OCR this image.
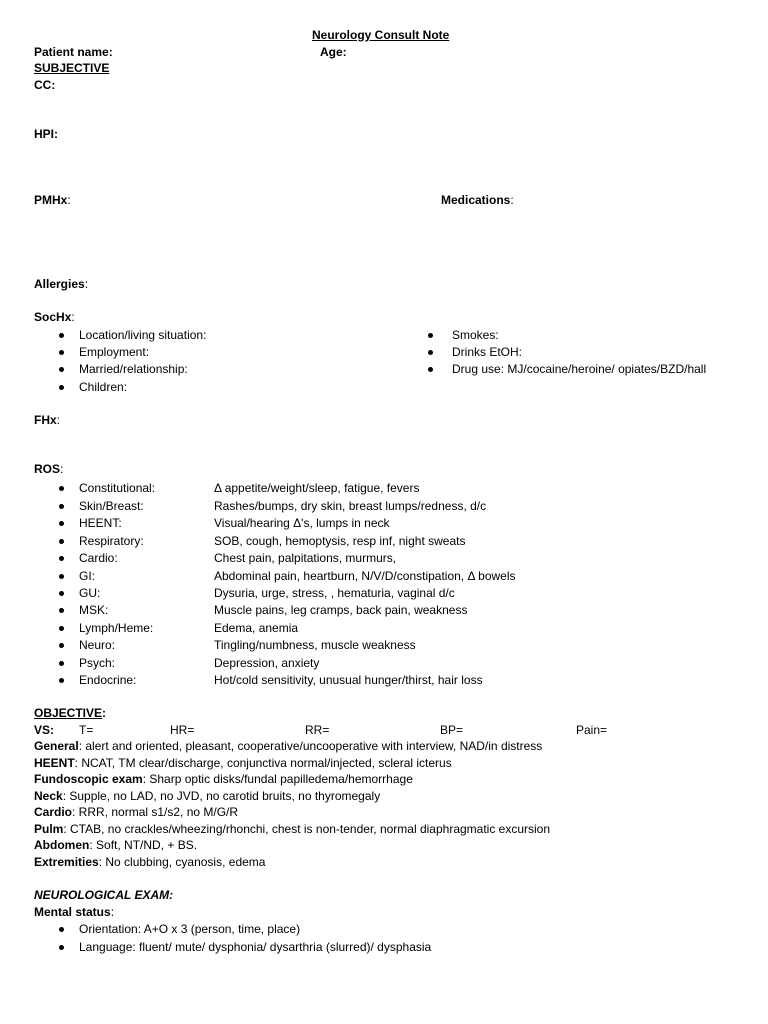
Neurology Consult Note
Patient name:	Age:
SUBJECTIVE
CC:
HPI:
PMHx:	Medications:
Allergies:
SocHx:
Location/living situation:
Employment:
Married/relationship:
Children:
Smokes:
Drinks EtOH:
Drug use: MJ/cocaine/heroine/ opiates/BZD/hall
FHx:
ROS:
Constitutional:	Δ appetite/weight/sleep, fatigue, fevers
Skin/Breast:	Rashes/bumps, dry skin, breast lumps/redness, d/c
HEENT:	Visual/hearing Δ's, lumps in neck
Respiratory:	SOB, cough, hemoptysis, resp inf, night sweats
Cardio:	Chest pain, palpitations, murmurs,
GI:	Abdominal pain, heartburn, N/V/D/constipation, Δ bowels
GU:	Dysuria, urge, stress, , hematuria, vaginal d/c
MSK:	Muscle pains, leg cramps, back pain, weakness
Lymph/Heme:	Edema, anemia
Neuro:	Tingling/numbness, muscle weakness
Psych:	Depression, anxiety
Endocrine:	Hot/cold sensitivity, unusual hunger/thirst, hair loss
OBJECTIVE:
VS: T=	HR=	RR=	BP=	Pain=
General: alert and oriented, pleasant, cooperative/uncooperative with interview, NAD/in distress
HEENT: NCAT, TM clear/discharge, conjunctiva normal/injected, scleral icterus
Fundoscopic exam: Sharp optic disks/fundal papilledema/hemorrhage
Neck: Supple, no LAD, no JVD, no carotid bruits, no thyromegaly
Cardio: RRR, normal s1/s2, no M/G/R
Pulm: CTAB, no crackles/wheezing/rhonchi, chest is non-tender, normal diaphragmatic excursion
Abdomen: Soft, NT/ND, + BS.
Extremities: No clubbing, cyanosis, edema
NEUROLOGICAL EXAM:
Mental status:
Orientation: A+O x 3 (person, time, place)
Language: fluent/ mute/ dysphonia/ dysarthria (slurred)/ dysphasia
